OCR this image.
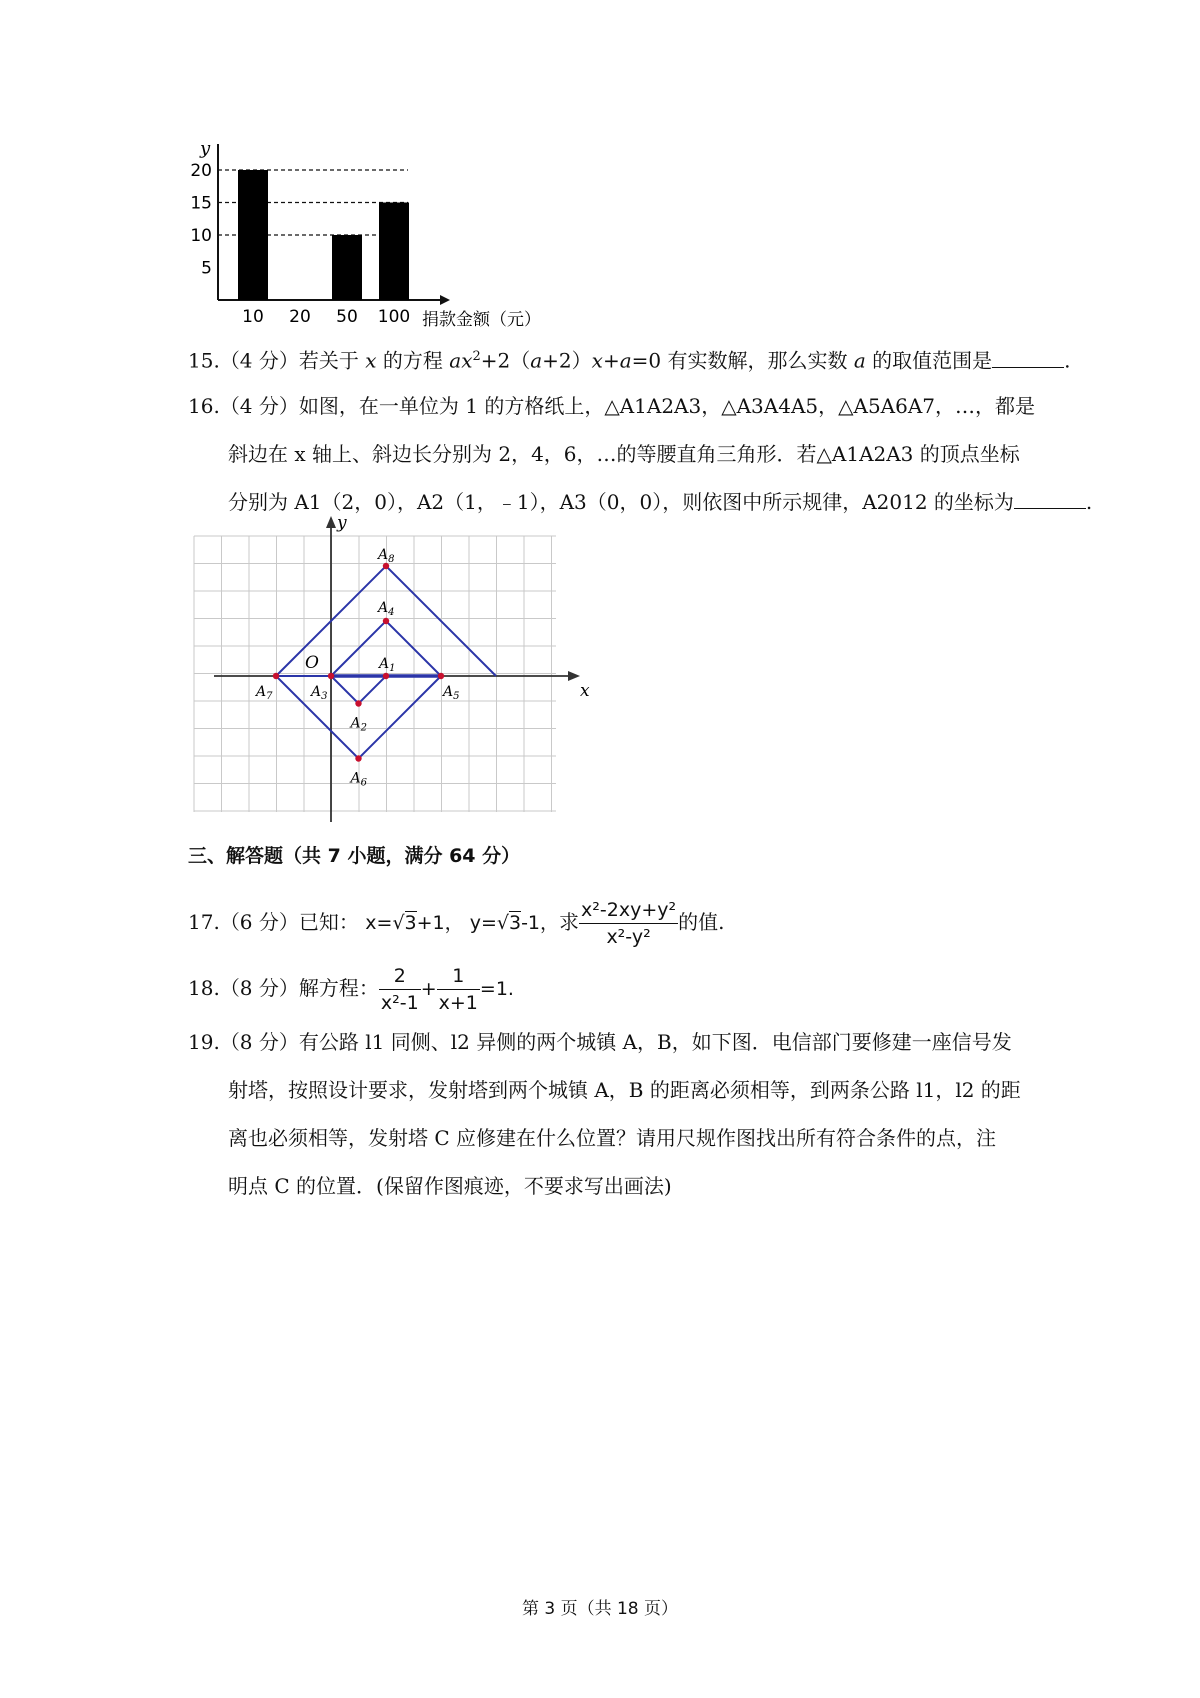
y
5
10
15
20
10 20 50 100 捐款金额（元）
15.（4 分）若关于 x 的方程 $ax^2+2(a+2)x+a=0$ 有实数解，那么实数 a 的取值范围是	.
16.（4 分）如图，在一单位为 1 的方格纸上，△A1A2A3，△A3A4A5，△A5A6A7，…，都是
斜边在 x 轴上、斜边长分别为 2，4，6，…的等腰直角三角形．若△A1A2A3 的顶点坐标
分别为 A1（2，0），A2（1，﹣1），A3（0，0），则依图中所示规律，A2012 的坐标为	.
y
x
O	$A_1$
$A_2$
$A_3$
$A_4$
$A_5$
$A_6$
$A_7$
$A_8$
三、解答题（共 7 小题，满分 64 分）
17.（6 分）已知： x=√3+1， y=√3-1，求 $\frac{\text{x²-2xy+y²}}{\text{x²-y²}}$ 的值.
18.（8 分）解方程： $\frac{2}{\text{x²-1}} + \frac{1}{x+1} =1$.
19.（8 分）有公路 l1 同侧、l2 异侧的两个城镇 A，B，如下图．电信部门要修建一座信号发
射塔，按照设计要求，发射塔到两个城镇 A，B 的距离必须相等，到两条公路 l1，l2 的距
离也必须相等，发射塔 C 应修建在什么位置？请用尺规作图找出所有符合条件的点，注
明点 C 的位置．(保留作图痕迹，不要求写出画法)
第 3 页（共 18 页）
